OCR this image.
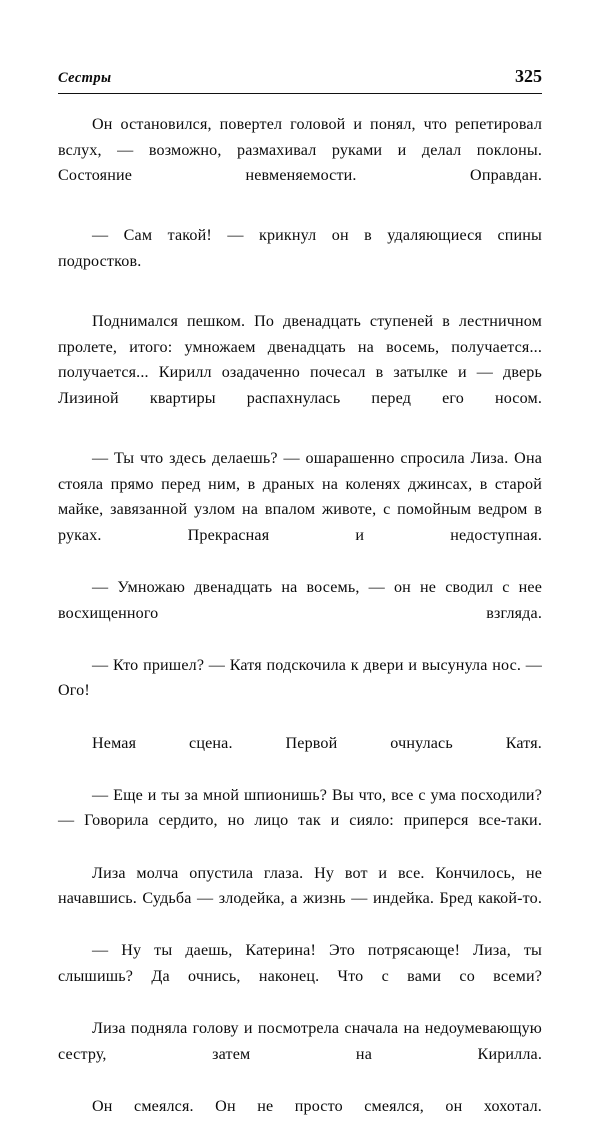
Сестры	325

Он остановился, повертел головой и понял, что репетировал вслух, — возможно, размахивал руками и делал поклоны. Состояние невменяемости. Оправдан.

— Сам такой! — крикнул он в удаляющиеся спины подростков.

Поднимался пешком. По двенадцать ступеней в лестничном пролете, итого: умножаем двенадцать на восемь, получается... получается... Кирилл озадаченно почесал в затылке и — дверь Лизиной квартиры распахнулась перед его носом.

— Ты что здесь делаешь? — ошарашенно спросила Лиза. Она стояла прямо перед ним, в драных на коленях джинсах, в старой майке, завязанной узлом на впалом животе, с помойным ведром в руках. Прекрасная и недоступная.

— Умножаю двенадцать на восемь, — он не сводил с нее восхищенного взгляда.

— Кто пришел? — Катя подскочила к двери и высунула нос. — Ого!

Немая сцена. Первой очнулась Катя.

— Еще и ты за мной шпионишь? Вы что, все с ума посходили? — Говорила сердито, но лицо так и сияло: приперся все-таки.

Лиза молча опустила глаза. Ну вот и все. Кончилось, не начавшись. Судьба — злодейка, а жизнь — индейка. Бред какой-то.

— Ну ты даешь, Катерина! Это потрясающе! Лиза, ты слышишь? Да очнись, наконец. Что с вами со всеми?

Лиза подняла голову и посмотрела сначала на недоумевающую сестру, затем на Кирилла.

Он смеялся. Он не просто смеялся, он хохотал.
